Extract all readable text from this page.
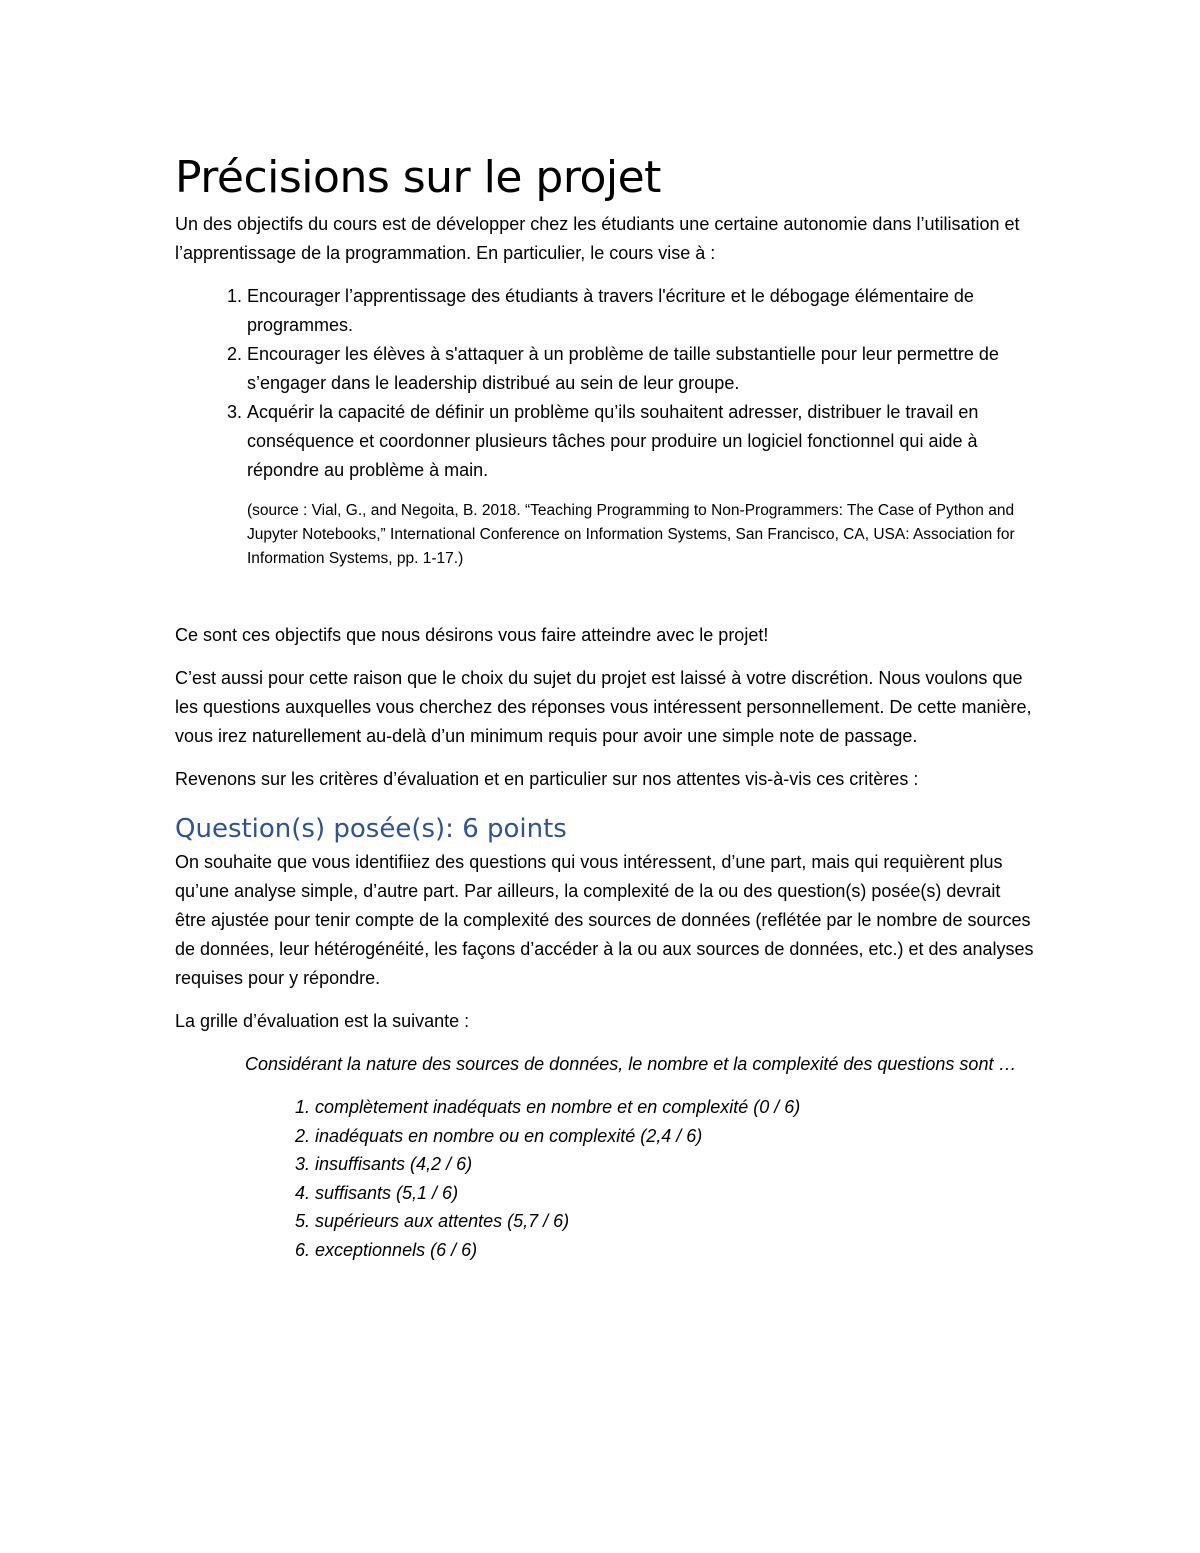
Précisions sur le projet

Un des objectifs du cours est de développer chez les étudiants une certaine autonomie dans l’utilisation et l’apprentissage de la programmation. En particulier, le cours vise à :

1. Encourager l’apprentissage des étudiants à travers l'écriture et le débogage élémentaire de programmes.
2. Encourager les élèves à s'attaquer à un problème de taille substantielle pour leur permettre de s’engager dans le leadership distribué au sein de leur groupe.
3. Acquérir la capacité de définir un problème qu’ils souhaitent adresser, distribuer le travail en conséquence et coordonner plusieurs tâches pour produire un logiciel fonctionnel qui aide à répondre au problème à main.

(source : Vial, G., and Negoita, B. 2018. “Teaching Programming to Non-Programmers: The Case of Python and Jupyter Notebooks,” International Conference on Information Systems, San Francisco, CA, USA: Association for Information Systems, pp. 1-17.)

Ce sont ces objectifs que nous désirons vous faire atteindre avec le projet!

C’est aussi pour cette raison que le choix du sujet du projet est laissé à votre discrétion. Nous voulons que les questions auxquelles vous cherchez des réponses vous intéressent personnellement. De cette manière, vous irez naturellement au-delà d’un minimum requis pour avoir une simple note de passage.

Revenons sur les critères d’évaluation et en particulier sur nos attentes vis-à-vis ces critères :

Question(s) posée(s): 6 points

On souhaite que vous identifiiez des questions qui vous intéressent, d’une part, mais qui requièrent plus qu’une analyse simple, d’autre part. Par ailleurs, la complexité de la ou des question(s) posée(s) devrait être ajustée pour tenir compte de la complexité des sources de données (reflétée par le nombre de sources de données, leur hétérogénéité, les façons d’accéder à la ou aux sources de données, etc.) et des analyses requises pour y répondre.

La grille d’évaluation est la suivante :

Considérant la nature des sources de données, le nombre et la complexité des questions sont …

1. complètement inadéquats en nombre et en complexité (0 / 6)
2. inadéquats en nombre ou en complexité (2,4 / 6)
3. insuffisants (4,2 / 6)
4. suffisants (5,1 / 6)
5. supérieurs aux attentes (5,7 / 6)
6. exceptionnels (6 / 6)
